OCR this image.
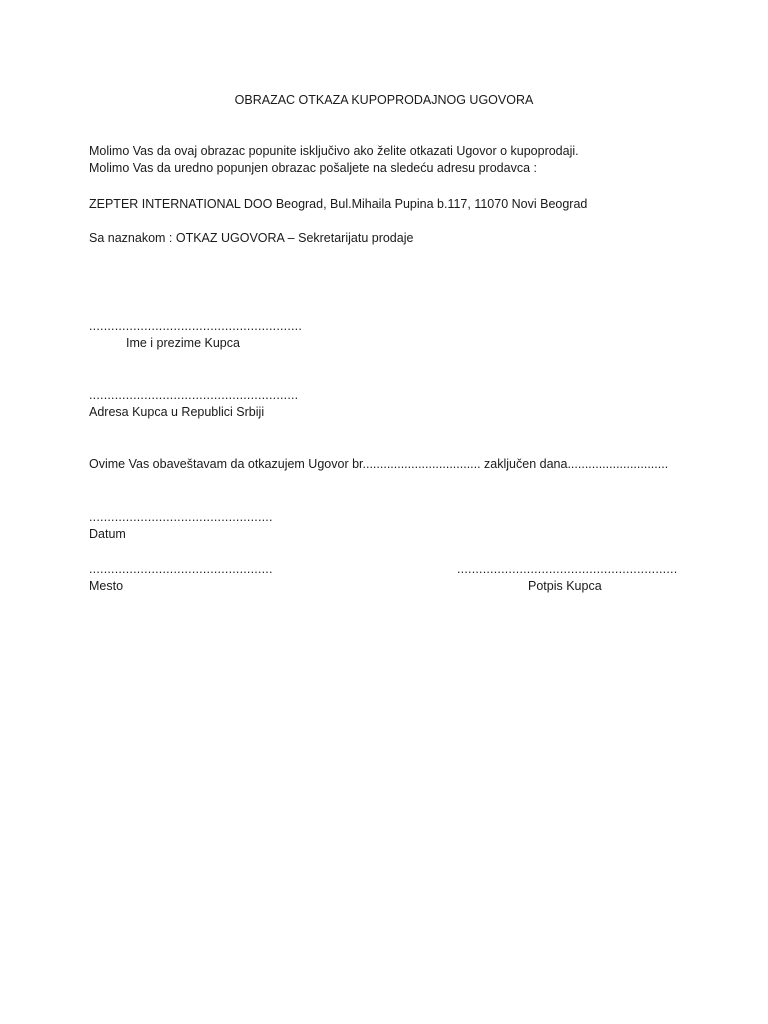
OBRAZAC OTKAZA KUPOPRODAJNOG UGOVORA
Molimo Vas da ovaj obrazac popunite isključivo ako želite otkazati Ugovor o kupoprodaji.
Molimo Vas da uredno popunjen obrazac pošaljete na sledeću adresu prodavca :
ZEPTER INTERNATIONAL DOO Beograd, Bul.Mihaila Pupina b.117, 11070 Novi Beograd
Sa naznakom : OTKAZ UGOVORA – Sekretarijatu prodaje
..........................................................
Ime i prezime Kupca
.........................................................
Adresa Kupca u Republici Srbiji
Ovime Vas obaveštavam da otkazujem Ugovor br.................................. zaključen dana.............................
..................................................
Datum
..................................................
Mesto
............................................................
Potpis Kupca
